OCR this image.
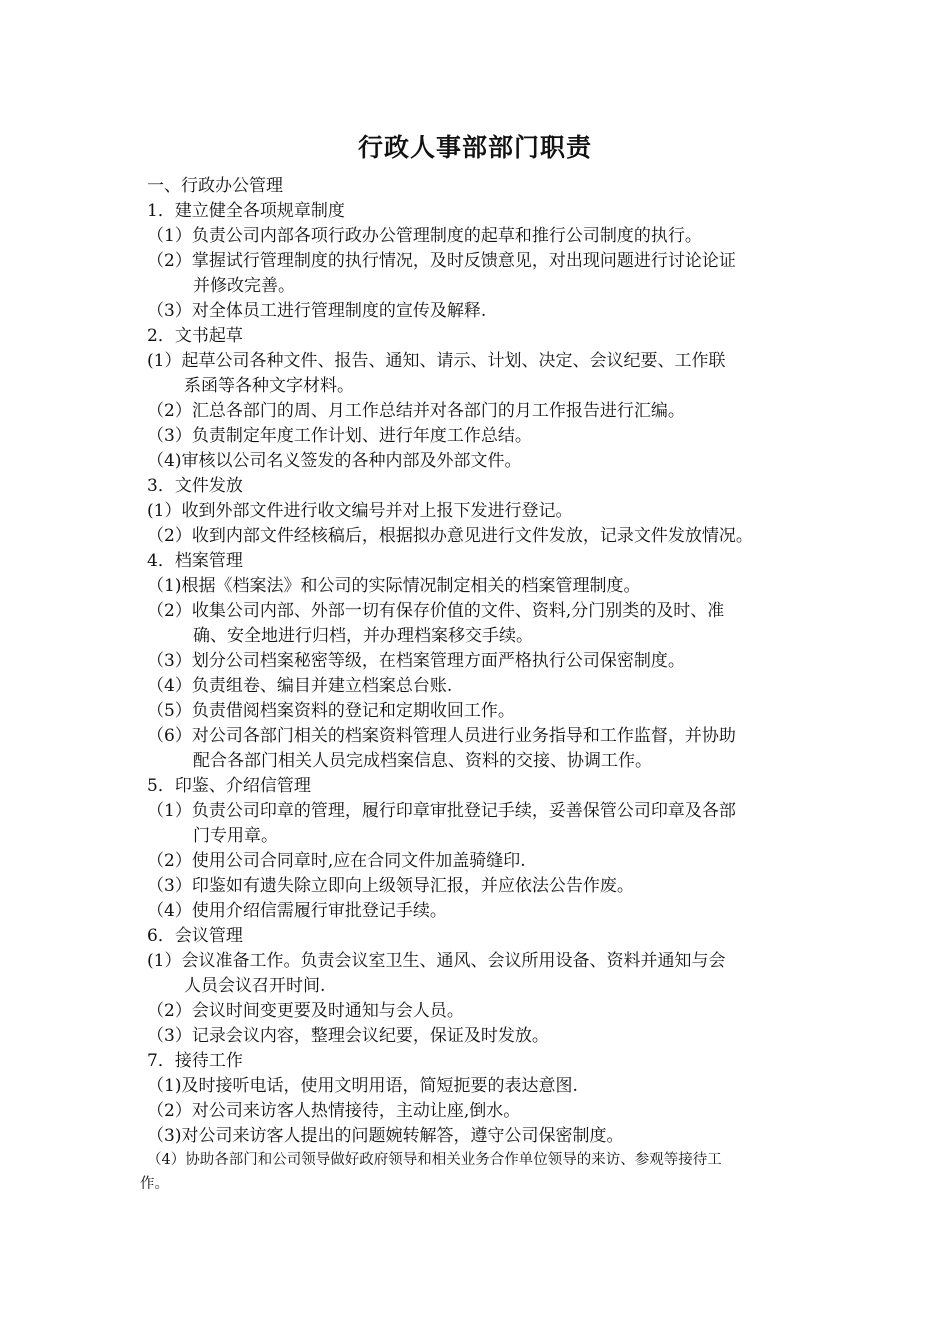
行政人事部部门职责
一、行政办公管理
1．建立健全各项规章制度
（1）负责公司内部各项行政办公管理制度的起草和推行公司制度的执行。
（2）掌握试行管理制度的执行情况，及时反馈意见，对出现问题进行讨论论证
并修改完善。
（3）对全体员工进行管理制度的宣传及解释.
2．文书起草
(1）起草公司各种文件、报告、通知、请示、计划、决定、会议纪要、工作联
系函等各种文字材料。
（2）汇总各部门的周、月工作总结并对各部门的月工作报告进行汇编。
（3）负责制定年度工作计划、进行年度工作总结。
（4)审核以公司名义签发的各种内部及外部文件。
3．文件发放
(1）收到外部文件进行收文编号并对上报下发进行登记。
（2）收到内部文件经核稿后，根据拟办意见进行文件发放，记录文件发放情况。
4．档案管理
（1)根据《档案法》和公司的实际情况制定相关的档案管理制度。
（2）收集公司内部、外部一切有保存价值的文件、资料,分门别类的及时、准
确、安全地进行归档，并办理档案移交手续。
（3）划分公司档案秘密等级，在档案管理方面严格执行公司保密制度。
（4）负责组卷、编目并建立档案总台账.
（5）负责借阅档案资料的登记和定期收回工作。
（6）对公司各部门相关的档案资料管理人员进行业务指导和工作监督，并协助
配合各部门相关人员完成档案信息、资料的交接、协调工作。
5．印鉴、介绍信管理
（1）负责公司印章的管理，履行印章审批登记手续，妥善保管公司印章及各部
门专用章。
（2）使用公司合同章时,应在合同文件加盖骑缝印.
（3）印鉴如有遗失除立即向上级领导汇报，并应依法公告作废。
（4）使用介绍信需履行审批登记手续。
6．会议管理
(1）会议准备工作。负责会议室卫生、通风、会议所用设备、资料并通知与会
人员会议召开时间.
（2）会议时间变更要及时通知与会人员。
（3）记录会议内容，整理会议纪要，保证及时发放。
7．接待工作
（1)及时接听电话，使用文明用语，简短扼要的表达意图.
（2）对公司来访客人热情接待，主动让座,倒水。
（3)对公司来访客人提出的问题婉转解答，遵守公司保密制度。
（4）协助各部门和公司领导做好政府领导和相关业务合作单位领导的来访、参观等接待工
作。
